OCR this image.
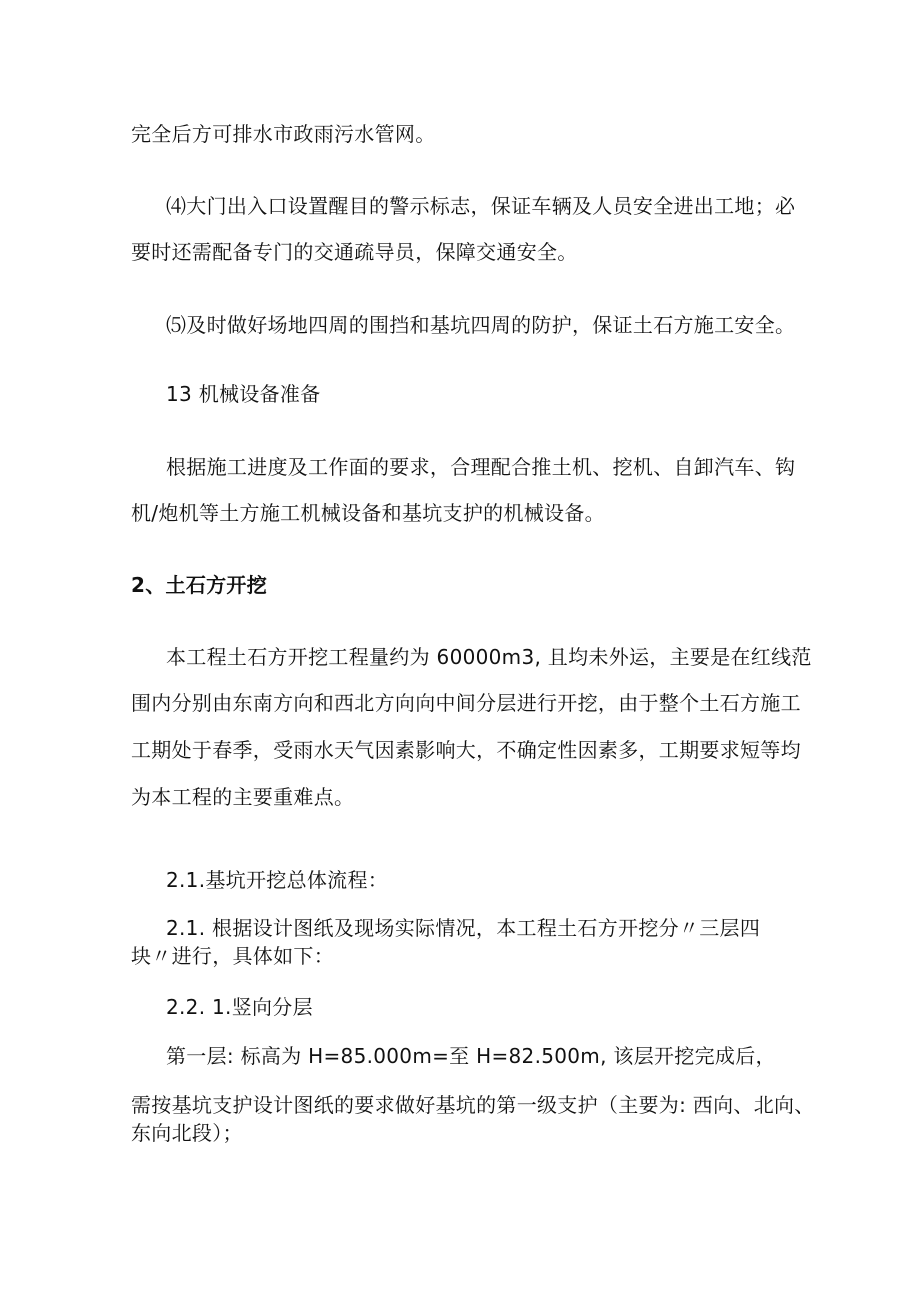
完全后方可排水市政雨污水管网。
⑷大门出入口设置醒目的警示标志，保证车辆及人员安全进出工地；必
要时还需配备专门的交通疏导员，保障交通安全。
⑸及时做好场地四周的围挡和基坑四周的防护，保证土石方施工安全。
13 机械设备准备
根据施工进度及工作面的要求，合理配合推土机、挖机、自卸汽车、钩
机/炮机等土方施工机械设备和基坑支护的机械设备。
2、土石方开挖
本工程土石方开挖工程量约为 60000m3, 且均未外运，主要是在红线范
围内分别由东南方向和西北方向向中间分层进行开挖，由于整个土石方施工
工期处于春季，受雨水天气因素影响大，不确定性因素多，工期要求短等均
为本工程的主要重难点。
2.1.基坑开挖总体流程：
2.1. 根据设计图纸及现场实际情况，本工程土石方开挖分〃三层四
块〃进行，具体如下：
2.2. 1.竖向分层
第一层: 标高为 H=85.000m=至 H=82.500m, 该层开挖完成后，
需按基坑支护设计图纸的要求做好基坑的第一级支护（主要为: 西向、北向、
东向北段）；
